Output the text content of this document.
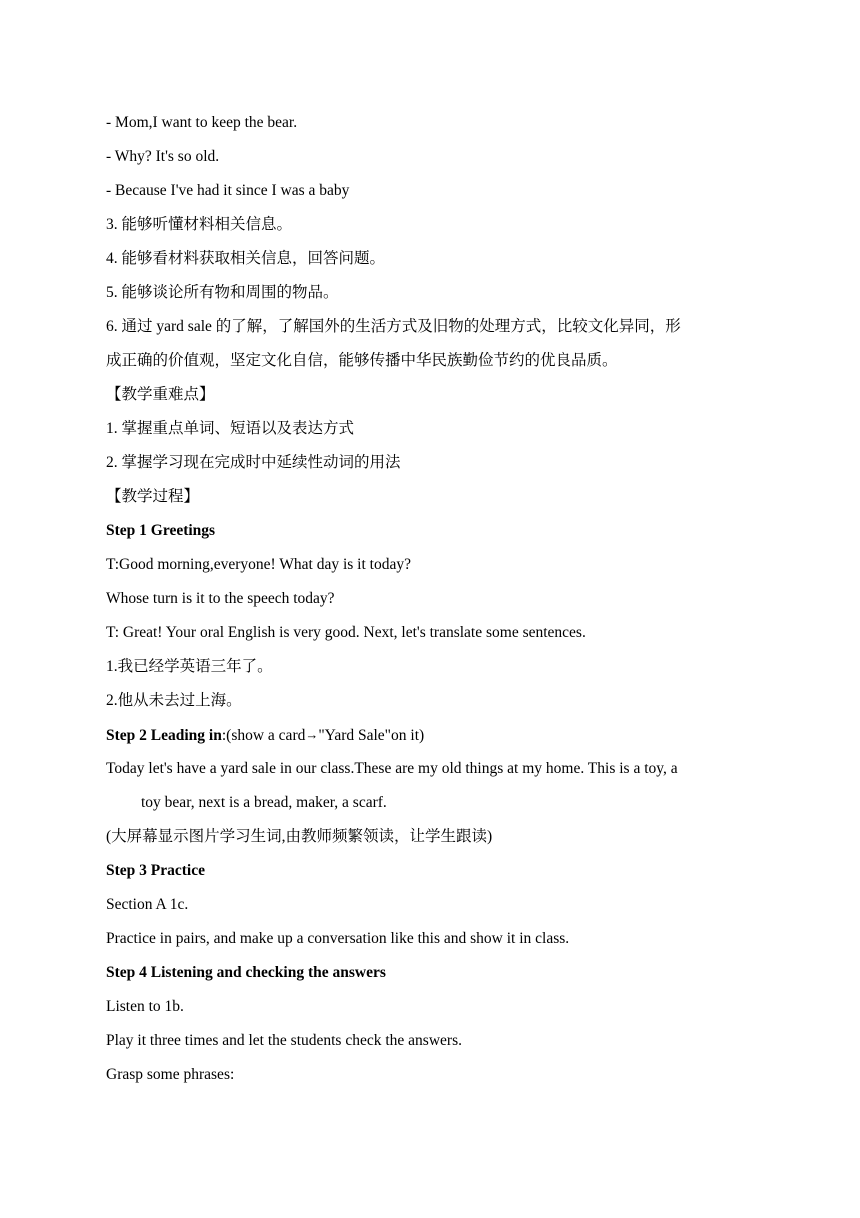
- Mom,I want to keep the bear.
- Why? It's so old.
- Because I've had it since I was a baby
3. 能够听懂材料相关信息。
4. 能够看材料获取相关信息，回答问题。
5. 能够谈论所有物和周围的物品。
6. 通过 yard sale 的了解，了解国外的生活方式及旧物的处理方式，比较文化异同，形
成正确的价值观，坚定文化自信，能够传播中华民族勤俭节约的优良品质。
【教学重难点】
1. 掌握重点单词、短语以及表达方式
2. 掌握学习现在完成时中延续性动词的用法
【教学过程】
Step 1 Greetings
T:Good morning,everyone! What day is it today?
Whose turn is it to the speech today?
T: Great! Your oral English is very good. Next, let's translate some sentences.
1.我已经学英语三年了。
2.他从未去过上海。
Step 2 Leading in:(show a card→"Yard Sale"on it)
Today let's have a yard sale in our class.These are my old things at my home. This is a toy, a
toy bear, next is a bread, maker, a scarf.
(大屏幕显示图片学习生词,由教师频繁领读，让学生跟读)
Step 3 Practice
Section A 1c.
Practice in pairs, and make up a conversation like this and show it in class.
Step 4 Listening and checking the answers
Listen to 1b.
Play it three times and let the students check the answers.
Grasp some phrases:
